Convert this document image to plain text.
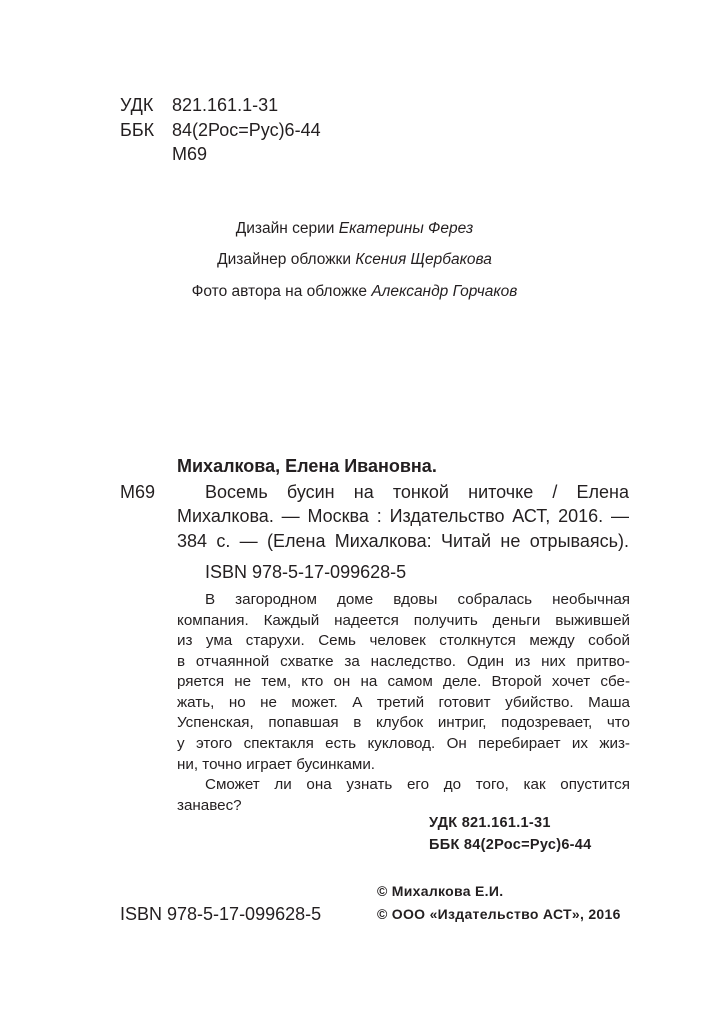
УДК 821.161.1-31
ББК 84(2Рос=Рус)6-44
М69
Дизайн серии Екатерины Ферез
Дизайнер обложки Ксения Щербакова
Фото автора на обложке Александр Горчаков
Михалкова, Елена Ивановна.
М69	Восемь бусин на тонкой ниточке / Елена
Михалкова. — Москва : Издательство АСТ, 2016. —
384 с. — (Елена Михалкова: Читай не отрываясь).
ISBN 978-5-17-099628-5
В загородном доме вдовы собралась необычная
компания. Каждый надеется получить деньги выжившей
из ума старухи. Семь человек столкнутся между собой
в отчаянной схватке за наследство. Один из них притво-
ряется не тем, кто он на самом деле. Второй хочет сбе-
жать, но не может. А третий готовит убийство. Маша
Успенская, попавшая в клубок интриг, подозревает, что
у этого спектакля есть кукловод. Он перебирает их жиз-
ни, точно играет бусинками.
Сможет ли она узнать его до того, как опустится
занавес?
УДК 821.161.1-31
ББК 84(2Рос=Рус)6-44
© Михалкова Е.И.
ISBN 978-5-17-099628-5	© ООО «Издательство АСТ», 2016
